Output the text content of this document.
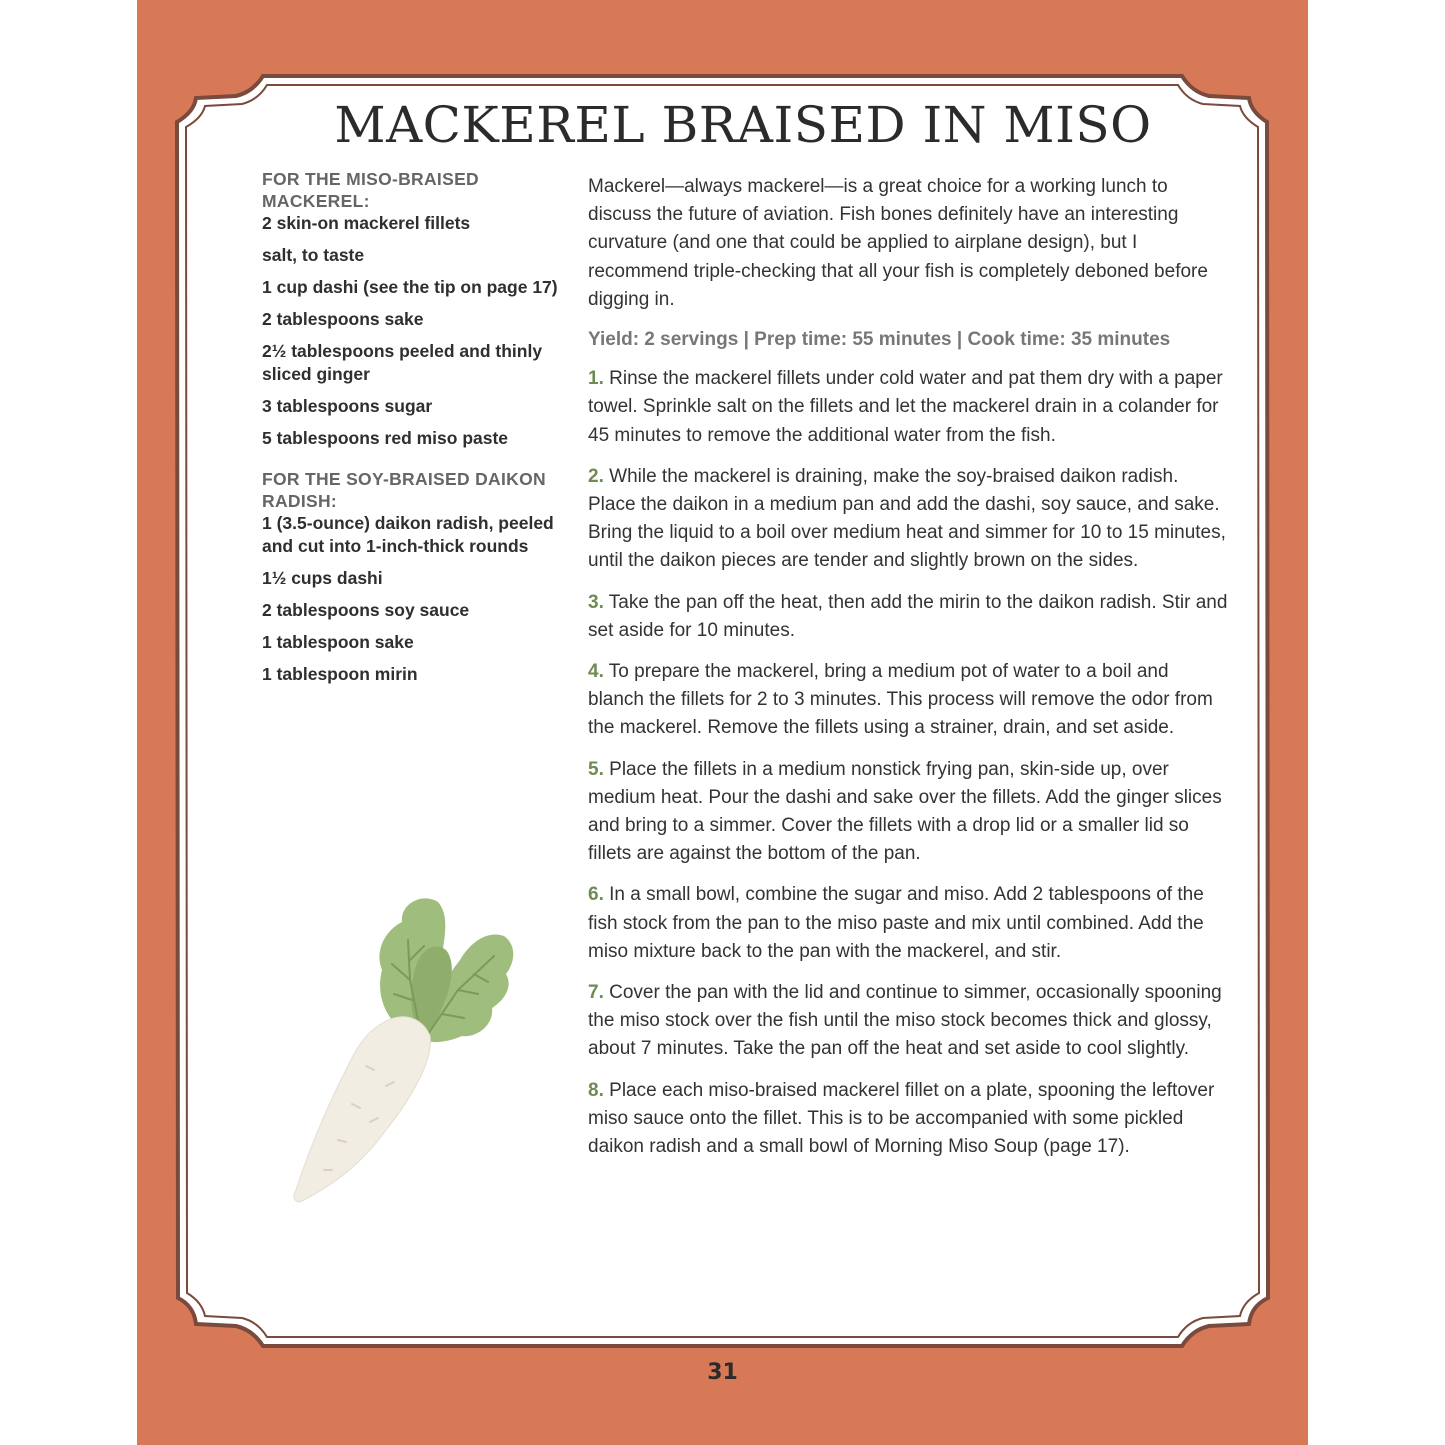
MACKEREL BRAISED IN MISO

FOR THE MISO-BRAISED MACKEREL:

2 skin-on mackerel fillets
salt, to taste
1 cup dashi (see the tip on page 17)
2 tablespoons sake
2½ tablespoons peeled and thinly sliced ginger
3 tablespoons sugar
5 tablespoons red miso paste

FOR THE SOY-BRAISED DAIKON RADISH:

1 (3.5-ounce) daikon radish, peeled and cut into 1-inch-thick rounds
1½ cups dashi
2 tablespoons soy sauce
1 tablespoon sake
1 tablespoon mirin

Mackerel—always mackerel—is a great choice for a working lunch to discuss the future of aviation. Fish bones definitely have an interesting curvature (and one that could be applied to airplane design), but I recommend triple-checking that all your fish is completely deboned before digging in.

Yield: 2 servings | Prep time: 55 minutes | Cook time: 35 minutes

1. Rinse the mackerel fillets under cold water and pat them dry with a paper towel. Sprinkle salt on the fillets and let the mackerel drain in a colander for 45 minutes to remove the additional water from the fish.

2. While the mackerel is draining, make the soy-braised daikon radish. Place the daikon in a medium pan and add the dashi, soy sauce, and sake. Bring the liquid to a boil over medium heat and simmer for 10 to 15 minutes, until the daikon pieces are tender and slightly brown on the sides.

3. Take the pan off the heat, then add the mirin to the daikon radish. Stir and set aside for 10 minutes.

4. To prepare the mackerel, bring a medium pot of water to a boil and blanch the fillets for 2 to 3 minutes. This process will remove the odor from the mackerel. Remove the fillets using a strainer, drain, and set aside.

5. Place the fillets in a medium nonstick frying pan, skin-side up, over medium heat. Pour the dashi and sake over the fillets. Add the ginger slices and bring to a simmer. Cover the fillets with a drop lid or a smaller lid so fillets are against the bottom of the pan.

6. In a small bowl, combine the sugar and miso. Add 2 tablespoons of the fish stock from the pan to the miso paste and mix until combined. Add the miso mixture back to the pan with the mackerel, and stir.

7. Cover the pan with the lid and continue to simmer, occasionally spooning the miso stock over the fish until the miso stock becomes thick and glossy, about 7 minutes. Take the pan off the heat and set aside to cool slightly.

8. Place each miso-braised mackerel fillet on a plate, spooning the leftover miso sauce onto the fillet. This is to be accompanied with some pickled daikon radish and a small bowl of Morning Miso Soup (page 17).

31
